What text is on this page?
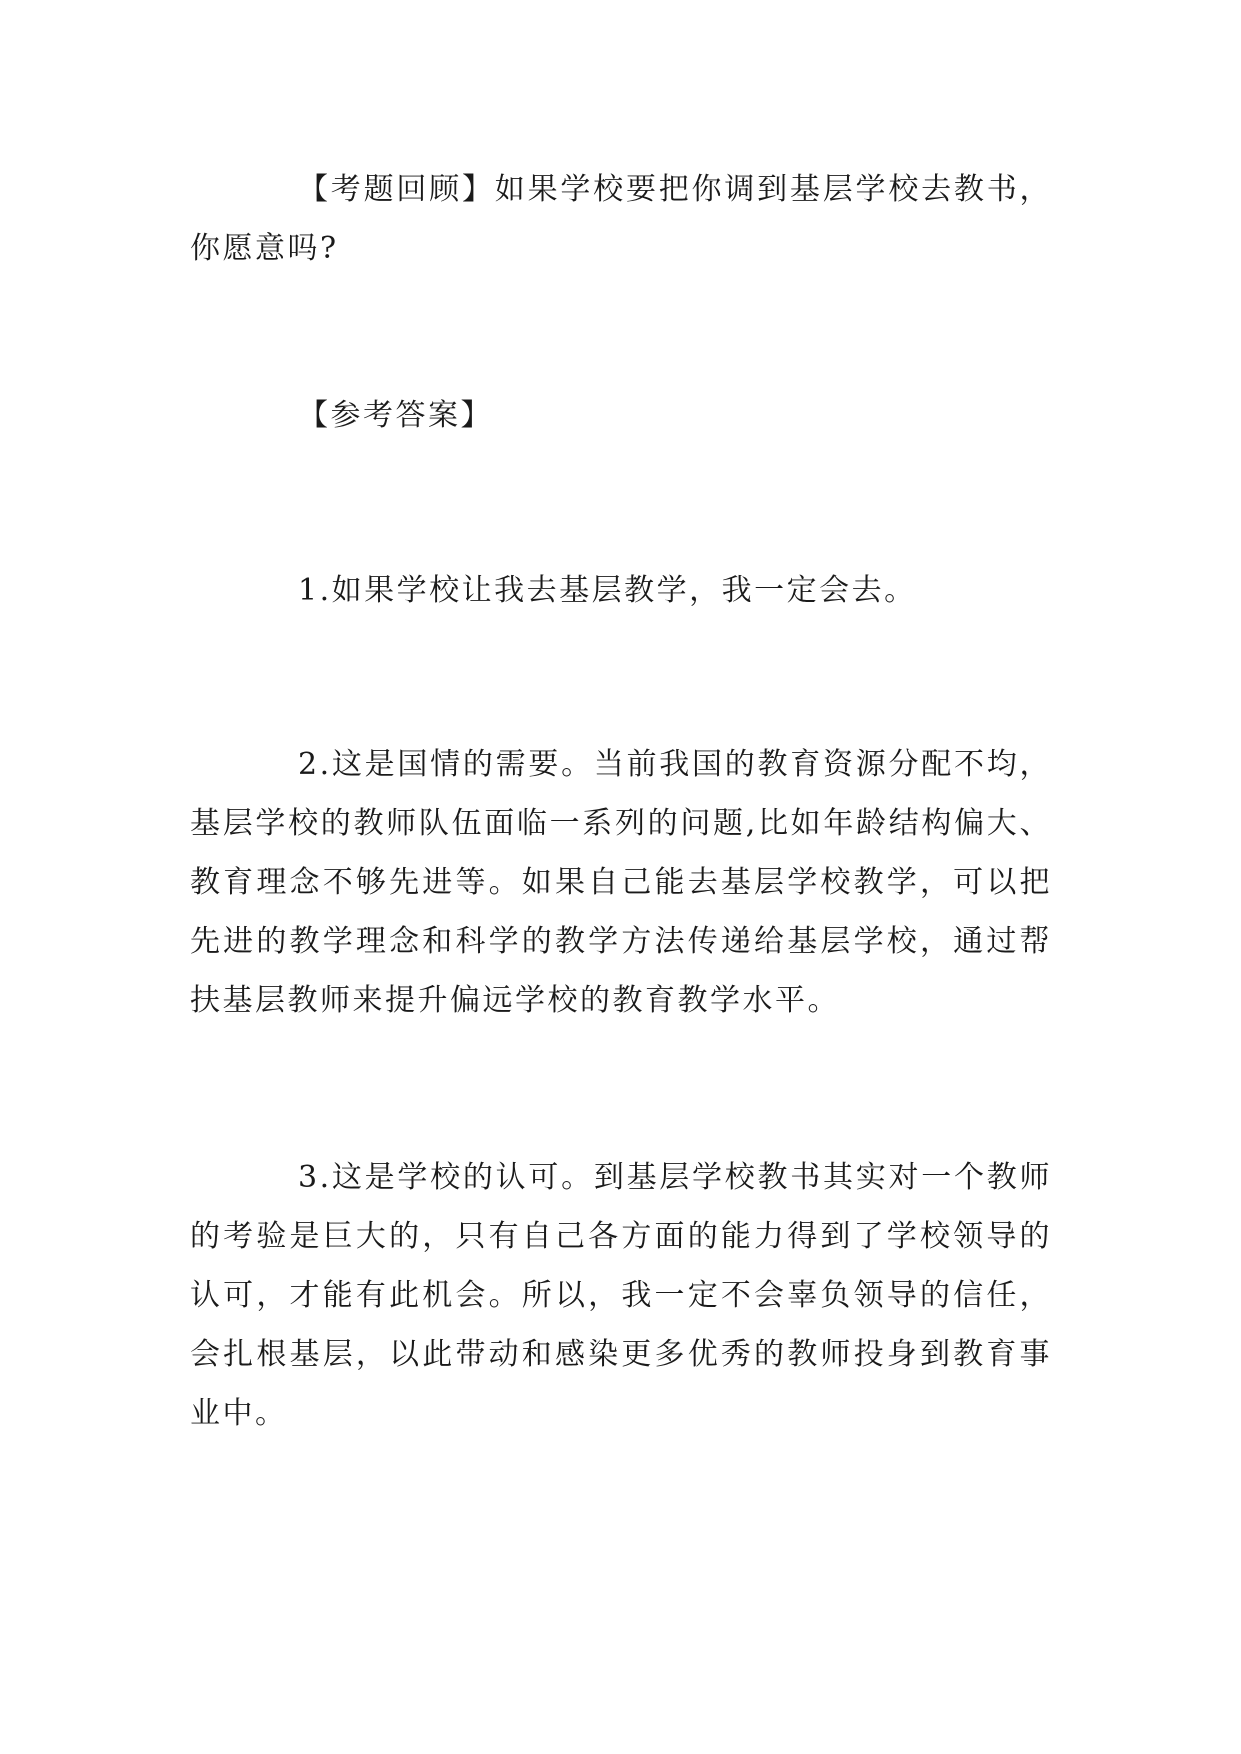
【考题回顾】如果学校要把你调到基层学校去教书，你愿意吗?

【参考答案】

1.如果学校让我去基层教学，我一定会去。

2.这是国情的需要。当前我国的教育资源分配不均，基层学校的教师队伍面临一系列的问题,比如年龄结构偏大、教育理念不够先进等。如果自己能去基层学校教学，可以把先进的教学理念和科学的教学方法传递给基层学校，通过帮扶基层教师来提升偏远学校的教育教学水平。

3.这是学校的认可。到基层学校教书其实对一个教师的考验是巨大的，只有自己各方面的能力得到了学校领导的认可，才能有此机会。所以，我一定不会辜负领导的信任，会扎根基层，以此带动和感染更多优秀的教师投身到教育事业中。
